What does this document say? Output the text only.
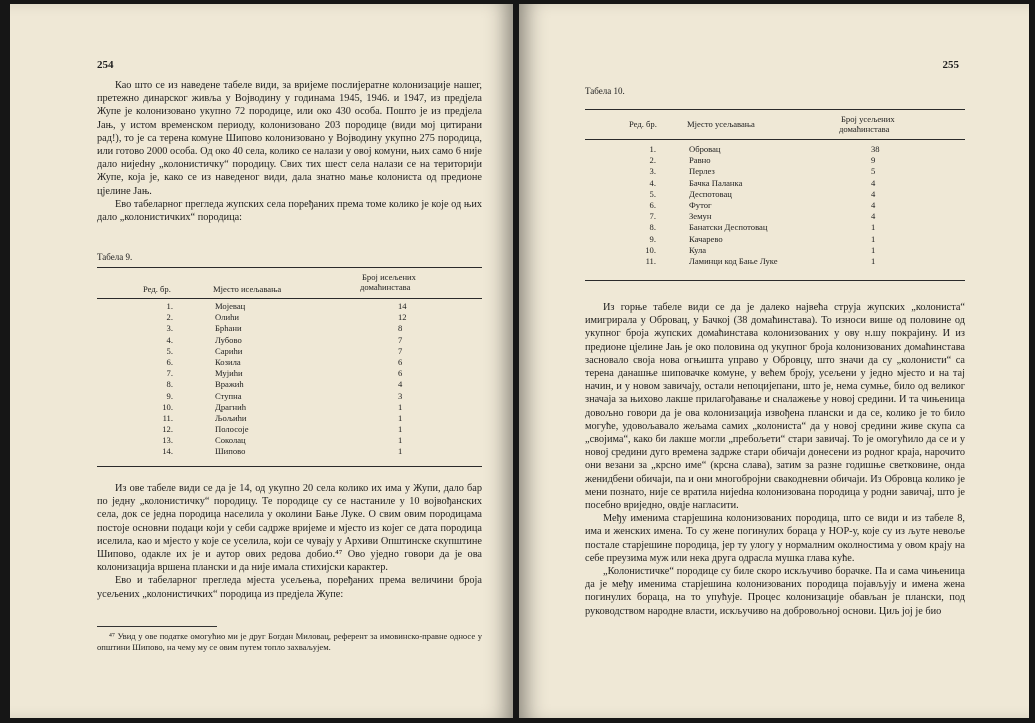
254

Као што се из наведене табеле види, за вријеме послијератне колонизације нашег, претежно динарског живља у Војводину у годинама 1945, 1946. и 1947, из предјела Жупе је колонизовано укупно 72 породице, или око 430 особа. Пошто је из предјела Јањ, у истом временском периоду, колонизовано 203 породице (види мој цитирани рад!), то је са терена комуне Шипово колонизовано у Војводину укупно 275 породица, или готово 2000 особа. Од око 40 села, колико се налази у овој комуни, њих само 6 није дало нијedну „колонистичку“ породицу. Свих тих шест села налази се на територији Жупе, која је, како се из наведеног види, дала знатно мање колониста од предионе цјелине Јањ.

Ево табеларног прегледа жупских села поређаних према томе колико је које од њих дало „колонистичких“ породица:

Табела 9.
Ред. бр.	Мјесто исељавања
Број исељених
домаћинстава
1.	Мојевац	14
2.	Олиһи	12
3.	Брһани	8
4.	Лубово	7
5.	Сариhи	7
6.	Козила	6
7.	Мујиһи	6
8.	Вражиһ	4
9.	Ступна	3
10.	Драгниһ	1
11.	Љољиhи	1
12.	Полосоје	1
13.	Соколац	1
14.	Шипово	1

Из ове табеле види се да је 14, од укупно 20 села колико их има у Жупи, дало бар по једну „колонистичку“ породицу. Те породице су се настаниле у 10 војвођанских села, док се једна породица населила у околини Бање Луке. О свим овим породицама постоје основни подаци који у себи садрже вријеме и мјесто из којег се дата породица иселила, као и мјесто у које се уселила, који се чувају у Архиви Општинске скупштине Шипово, одакле их је и аутор ових редова добио.⁴⁷ Ово уједно говори да је ова колонизација вршена плански и да није имала стихијски карактер.

Ево и табеларног прегледа мјеста усељења, поређаних према величини броја усељених „колонистичких“ породица из предјела Жупе:

⁴⁷ Увид у ове податке омогућио ми је друг Богдан Миловац, референт за имовинско-правне односе у општини Шипово, на чему му се овим путем топло захваљујем.

255
Табела 10.
Ред. бр.	Мјесто усељавања	Број усељених
домаћинстава
1.	Обровац	38
2.	Равно	9
3.	Перлез	5
4.	Бачка Паланка	4
5.	Деспотовац	4
6.	Футог	4
7.	Земун	4
8.	Банатски Деспотовац	1
9.	Качарево	1
10.	Кула	1
11.	Ламинци код Бање Луке	1

Из горње табеле види се да је далеко највећа струја жупских „колониста“ имигрирала у Обровац, у Бачкој (38 домаћинстава). То износи више од половине од укупног броја жупских домаћинстава колонизованих у ову н.шу покрајину. И из предионе цјелине Јањ је око половина од укупног броја колонизованих домаћинстава засновало своја нова огњишта управо у Обровцу, што значи да су „колонисти“ са терена данашње шиповачке комуне, у већем броју, усељени у једно мјесто и на тај начин, и у новом завичају, остали непоцијепани, што је, нема сумње, било од великог значаја за њихово лакше прилагођавање и сналажење у новој средини. И та чињеница довољно говори да је ова колонизација извођена плански и да се, колико је то било могуће, удовољавало жељама самих „колониста“ да у новој средини живе скупа са „својима“, како би лакше могли „пребољети“ стари завичај. То је омогућило да се и у новој средини дуго времена задрже стари обичаји донесени из родног краја, нарочито они везани за „крсно име“ (крсна слава), затим за разне годишње светковине, онда женидбени обичаји, па и они многобројни свакодневни обичаји. Из Обровца колико је мени познато, није се вратила нијedна колонизована породица у родни завичај, што је посебно вриједно, овдје нагласити.

Међу именима старјешина колонизованих породица, што се види и из табеле 8, има и женских имена. То су жене погинулих бораца у НОР-у, које су из љуте невоље постале старјешине породица, јер ту улогу у нормалним околностима у овом крају на себе преузима муж или нека друга одрасла мушка глава куће.

„Колонистичке“ породице су биле скоро искључиво борачке. Па и сама чињеница да је међу именима старјешина колонизованих породица појављују и имена жена погинулих бораца, на то упућује. Процес колонизације обављан је плански, под руководством народне власти, искључиво на добровољној основи. Циљ јој је био
